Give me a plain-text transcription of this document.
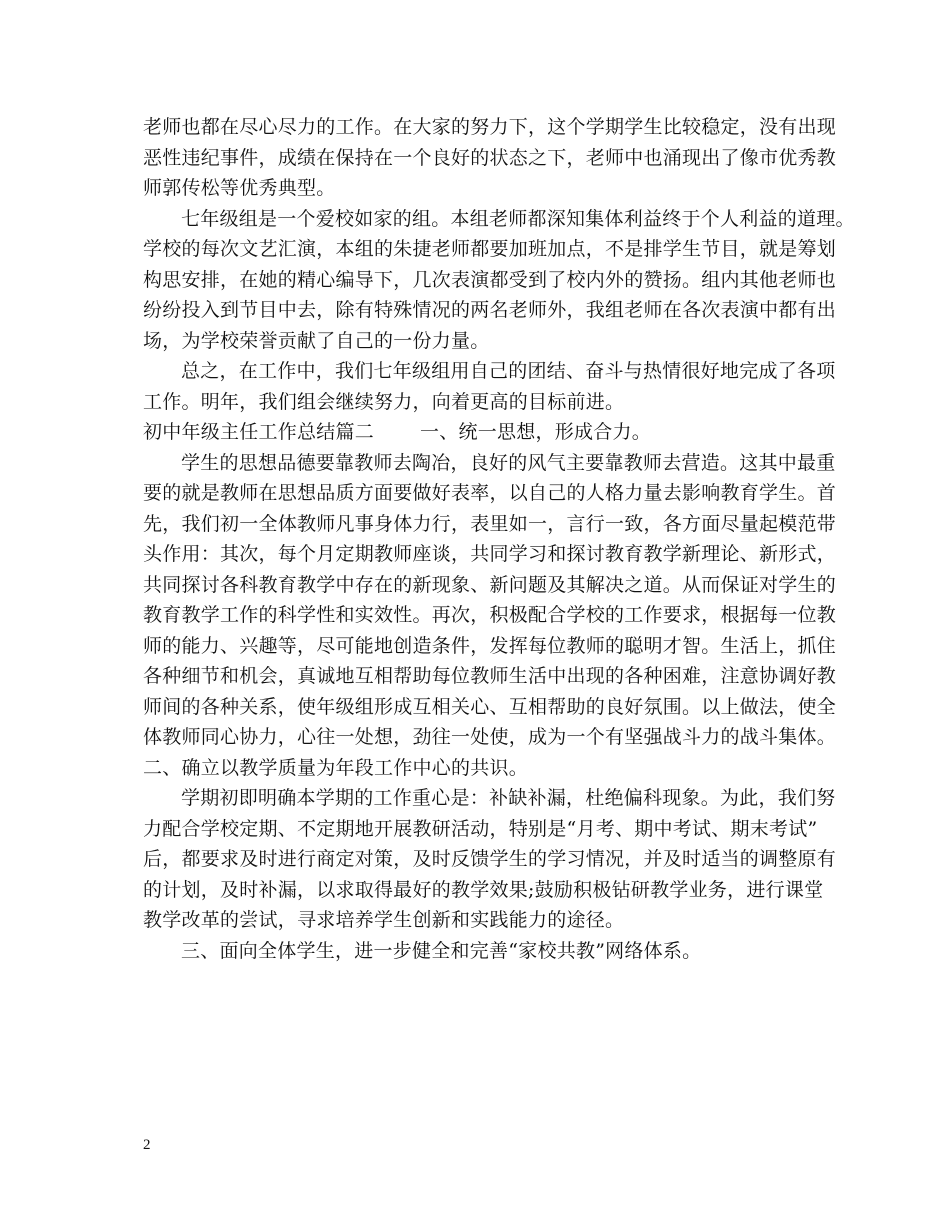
老师也都在尽心尽力的工作。在大家的努力下，这个学期学生比较稳定，没有出现
恶性违纪事件，成绩在保持在一个良好的状态之下，老师中也涌现出了像市优秀教
师郭传松等优秀典型。
七年级组是一个爱校如家的组。本组老师都深知集体利益终于个人利益的道理。
学校的每次文艺汇演，本组的朱捷老师都要加班加点，不是排学生节目，就是筹划
构思安排，在她的精心编导下，几次表演都受到了校内外的赞扬。组内其他老师也
纷纷投入到节目中去，除有特殊情况的两名老师外，我组老师在各次表演中都有出
场，为学校荣誉贡献了自己的一份力量。
总之，在工作中，我们七年级组用自己的团结、奋斗与热情很好地完成了各项
工作。明年，我们组会继续努力，向着更高的目标前进。
初中年级主任工作总结篇二 一、统一思想，形成合力。
学生的思想品德要靠教师去陶冶，良好的风气主要靠教师去营造。这其中最重
要的就是教师在思想品质方面要做好表率，以自己的人格力量去影响教育学生。首
先，我们初一全体教师凡事身体力行，表里如一，言行一致，各方面尽量起模范带
头作用：其次，每个月定期教师座谈，共同学习和探讨教育教学新理论、新形式，
共同探讨各科教育教学中存在的新现象、新问题及其解决之道。从而保证对学生的
教育教学工作的科学性和实效性。再次，积极配合学校的工作要求，根据每一位教
师的能力、兴趣等，尽可能地创造条件，发挥每位教师的聪明才智。生活上，抓住
各种细节和机会，真诚地互相帮助每位教师生活中出现的各种困难，注意协调好教
师间的各种关系，使年级组形成互相关心、互相帮助的良好氛围。以上做法，使全
体教师同心协力，心往一处想，劲往一处使，成为一个有坚强战斗力的战斗集体。
二、确立以教学质量为年段工作中心的共识。
学期初即明确本学期的工作重心是：补缺补漏，杜绝偏科现象。为此，我们努
力配合学校定期、不定期地开展教研活动，特别是“月考、期中考试、期末考试”
后，都要求及时进行商定对策，及时反馈学生的学习情况，并及时适当的调整原有
的计划，及时补漏，以求取得最好的教学效果;鼓励积极钻研教学业务，进行课堂
教学改革的尝试，寻求培养学生创新和实践能力的途径。
三、面向全体学生，进一步健全和完善“家校共教”网络体系。
2
